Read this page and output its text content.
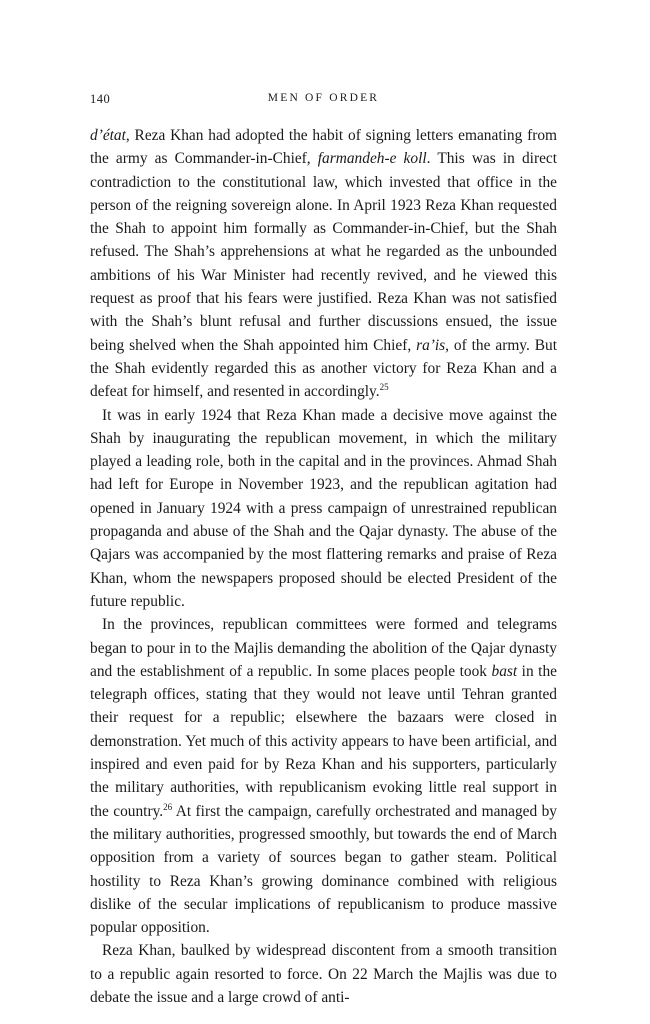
140	MEN OF ORDER

d’état, Reza Khan had adopted the habit of signing letters emanating from the army as Commander-in-Chief, farmandeh-e koll. This was in direct contradiction to the constitutional law, which invested that office in the person of the reigning sovereign alone. In April 1923 Reza Khan requested the Shah to appoint him formally as Commander-in-Chief, but the Shah refused. The Shah’s apprehensions at what he regarded as the unbounded ambitions of his War Minister had recently revived, and he viewed this request as proof that his fears were justified. Reza Khan was not satisfied with the Shah’s blunt refusal and further discussions ensued, the issue being shelved when the Shah appointed him Chief, ra’is, of the army. But the Shah evidently regarded this as another victory for Reza Khan and a defeat for himself, and resented in accordingly.$^{25}$

It was in early 1924 that Reza Khan made a decisive move against the Shah by inaugurating the republican movement, in which the military played a leading role, both in the capital and in the provinces. Ahmad Shah had left for Europe in November 1923, and the republican agitation had opened in January 1924 with a press campaign of unrestrained republican propaganda and abuse of the Shah and the Qajar dynasty. The abuse of the Qajars was accompanied by the most flattering remarks and praise of Reza Khan, whom the newspapers proposed should be elected President of the future republic.

In the provinces, republican committees were formed and telegrams began to pour in to the Majlis demanding the abolition of the Qajar dynasty and the establishment of a republic. In some places people took bast in the telegraph offices, stating that they would not leave until Tehran granted their request for a republic; elsewhere the bazaars were closed in demonstration. Yet much of this activity appears to have been artificial, and inspired and even paid for by Reza Khan and his supporters, particularly the military authorities, with republicanism evoking little real support in the country.$^{26}$ At first the campaign, carefully orchestrated and managed by the military authorities, progressed smoothly, but towards the end of March opposition from a variety of sources began to gather steam. Political hostility to Reza Khan’s growing dominance combined with religious dislike of the secular implications of republicanism to produce massive popular opposition.

Reza Khan, baulked by widespread discontent from a smooth transition to a republic again resorted to force. On 22 March the Majlis was due to debate the issue and a large crowd of anti-
